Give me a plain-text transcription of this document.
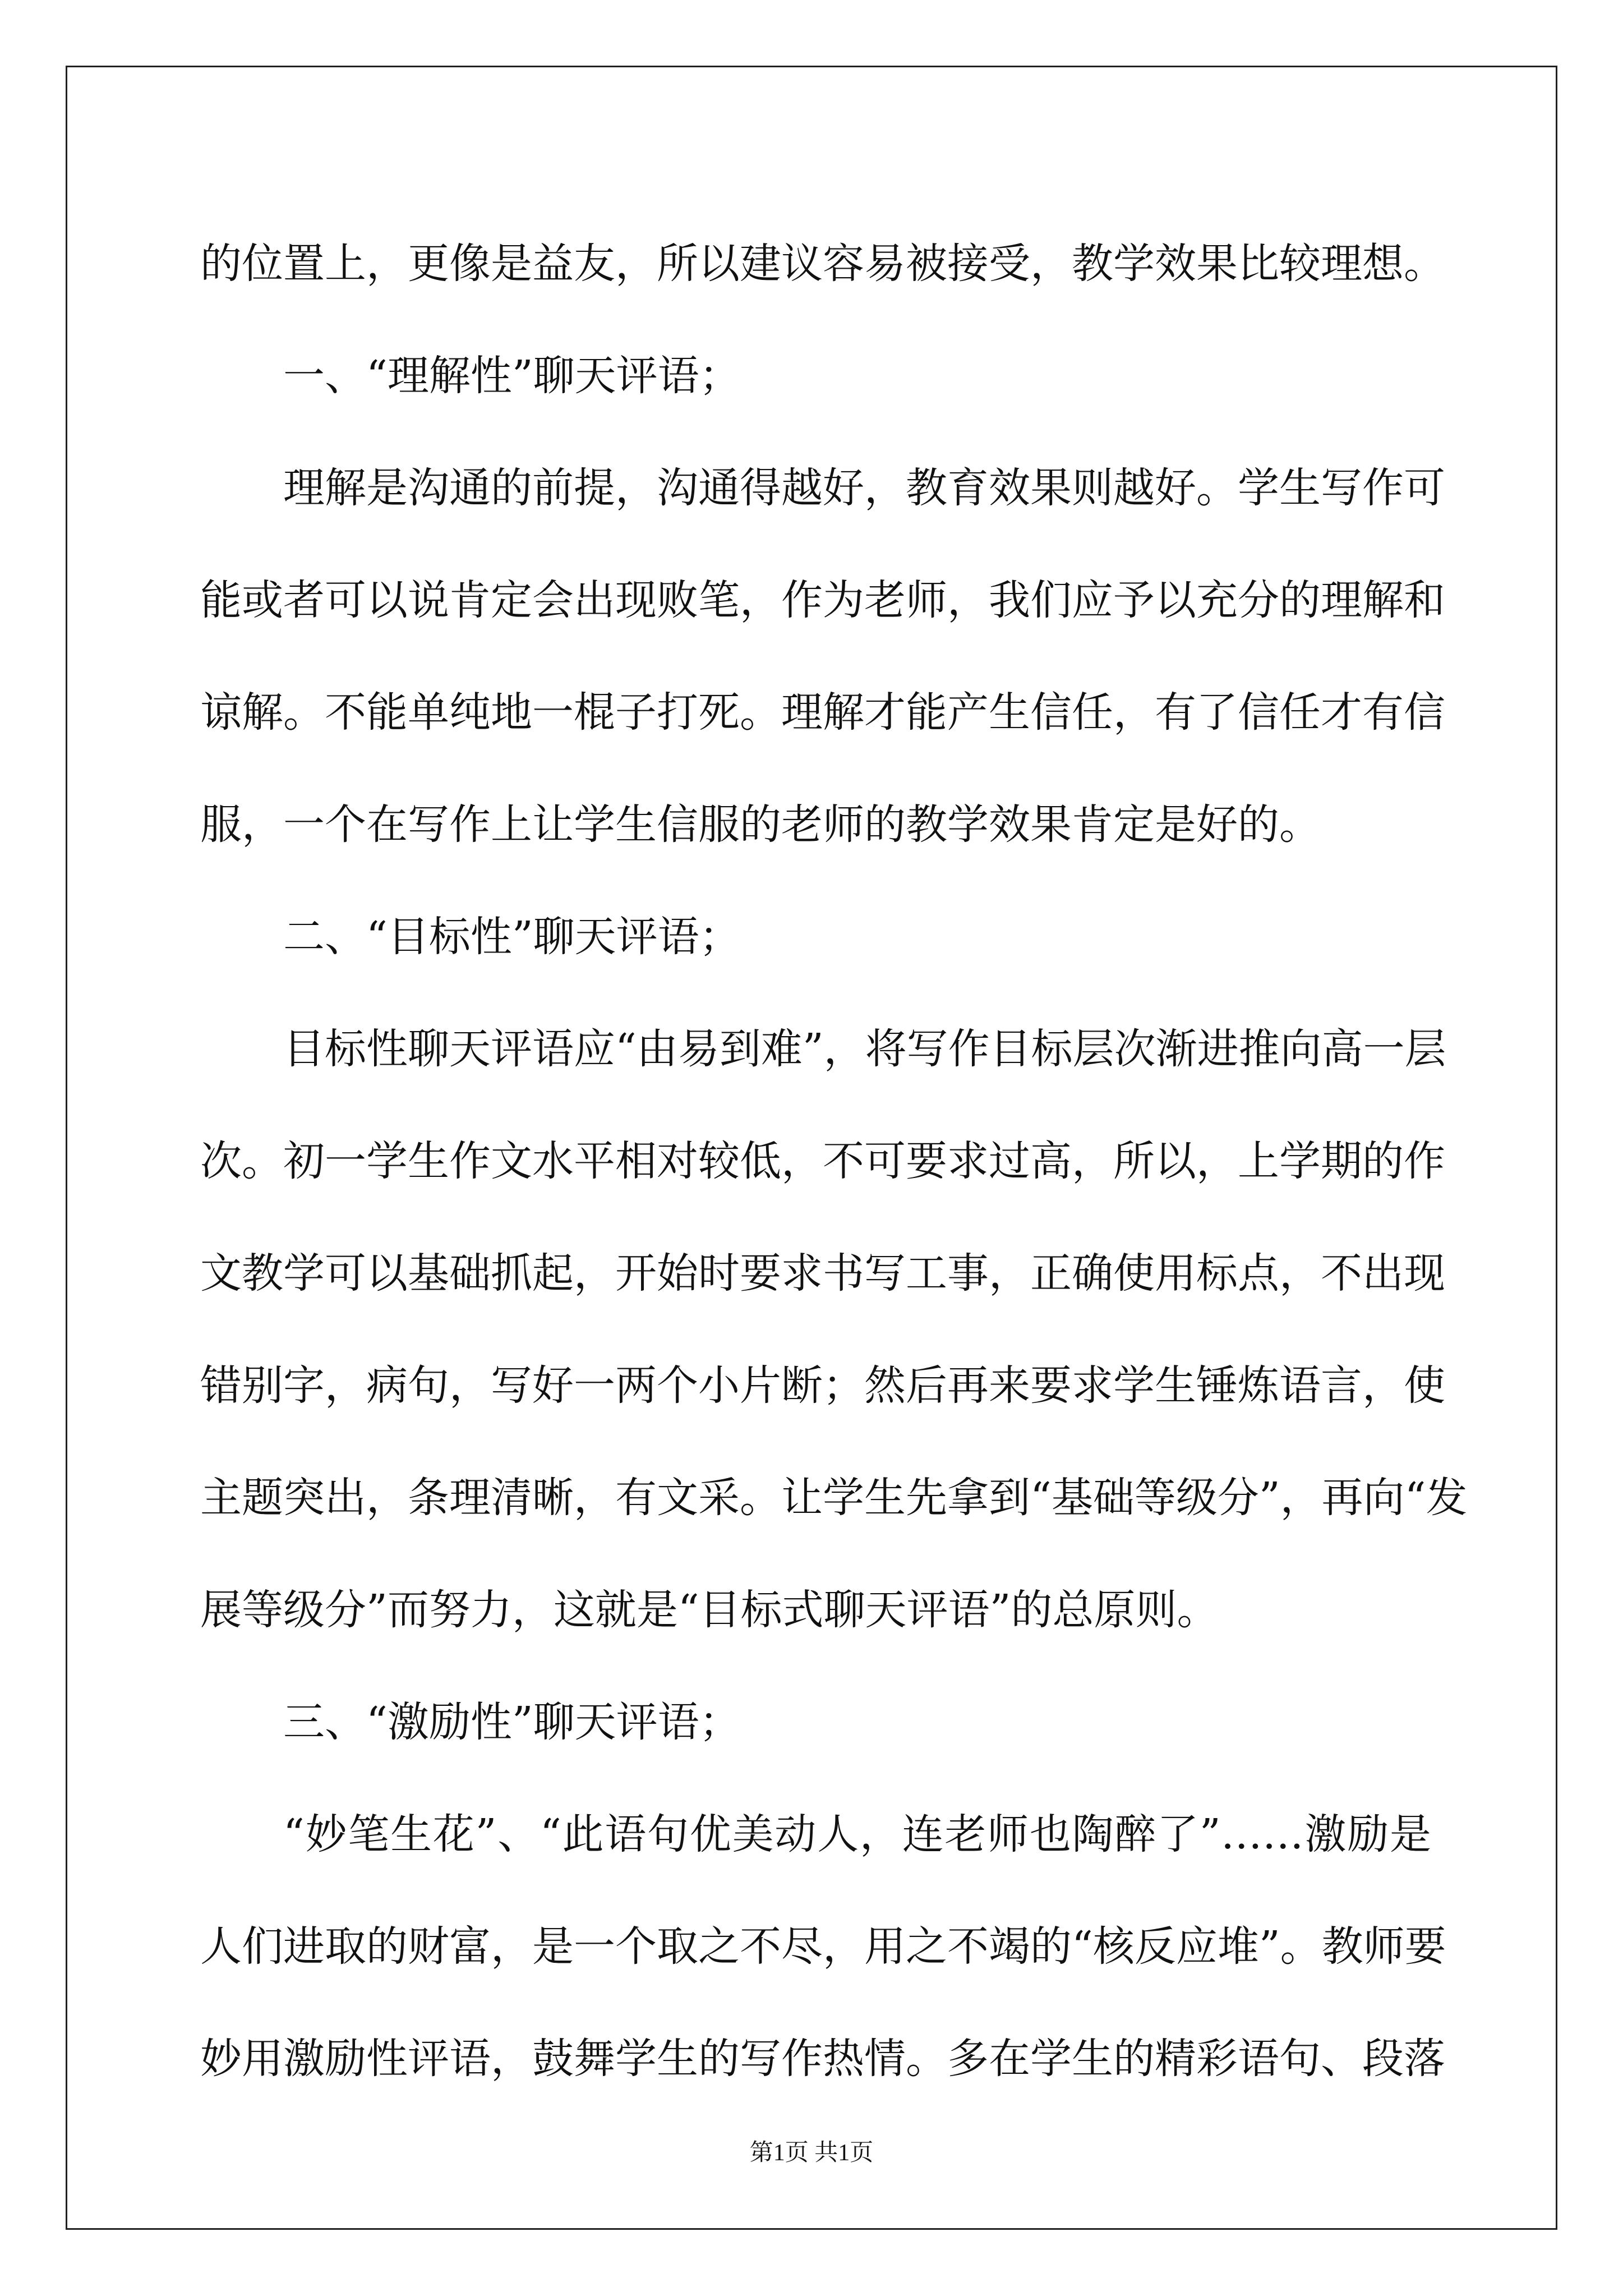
的位置上，更像是益友，所以建议容易被接受，教学效果比较理想。
一、“理解性”聊天评语；
理解是沟通的前提，沟通得越好，教育效果则越好。学生写作可
能或者可以说肯定会出现败笔，作为老师，我们应予以充分的理解和
谅解。不能单纯地一棍子打死。理解才能产生信任，有了信任才有信
服，一个在写作上让学生信服的老师的教学效果肯定是好的。
二、“目标性”聊天评语；
目标性聊天评语应“由易到难”，将写作目标层次渐进推向高一层
次。初一学生作文水平相对较低，不可要求过高，所以，上学期的作
文教学可以基础抓起，开始时要求书写工事，正确使用标点，不出现
错别字，病句，写好一两个小片断；然后再来要求学生锤炼语言，使
主题突出，条理清晰，有文采。让学生先拿到“基础等级分”，再向“发
展等级分”而努力，这就是“目标式聊天评语”的总原则。
三、“激励性”聊天评语；
“妙笔生花”、“此语句优美动人，连老师也陶醉了”……激励是
人们进取的财富，是一个取之不尽，用之不竭的“核反应堆”。教师要
妙用激励性评语，鼓舞学生的写作热情。多在学生的精彩语句、段落
第1页 共1页
